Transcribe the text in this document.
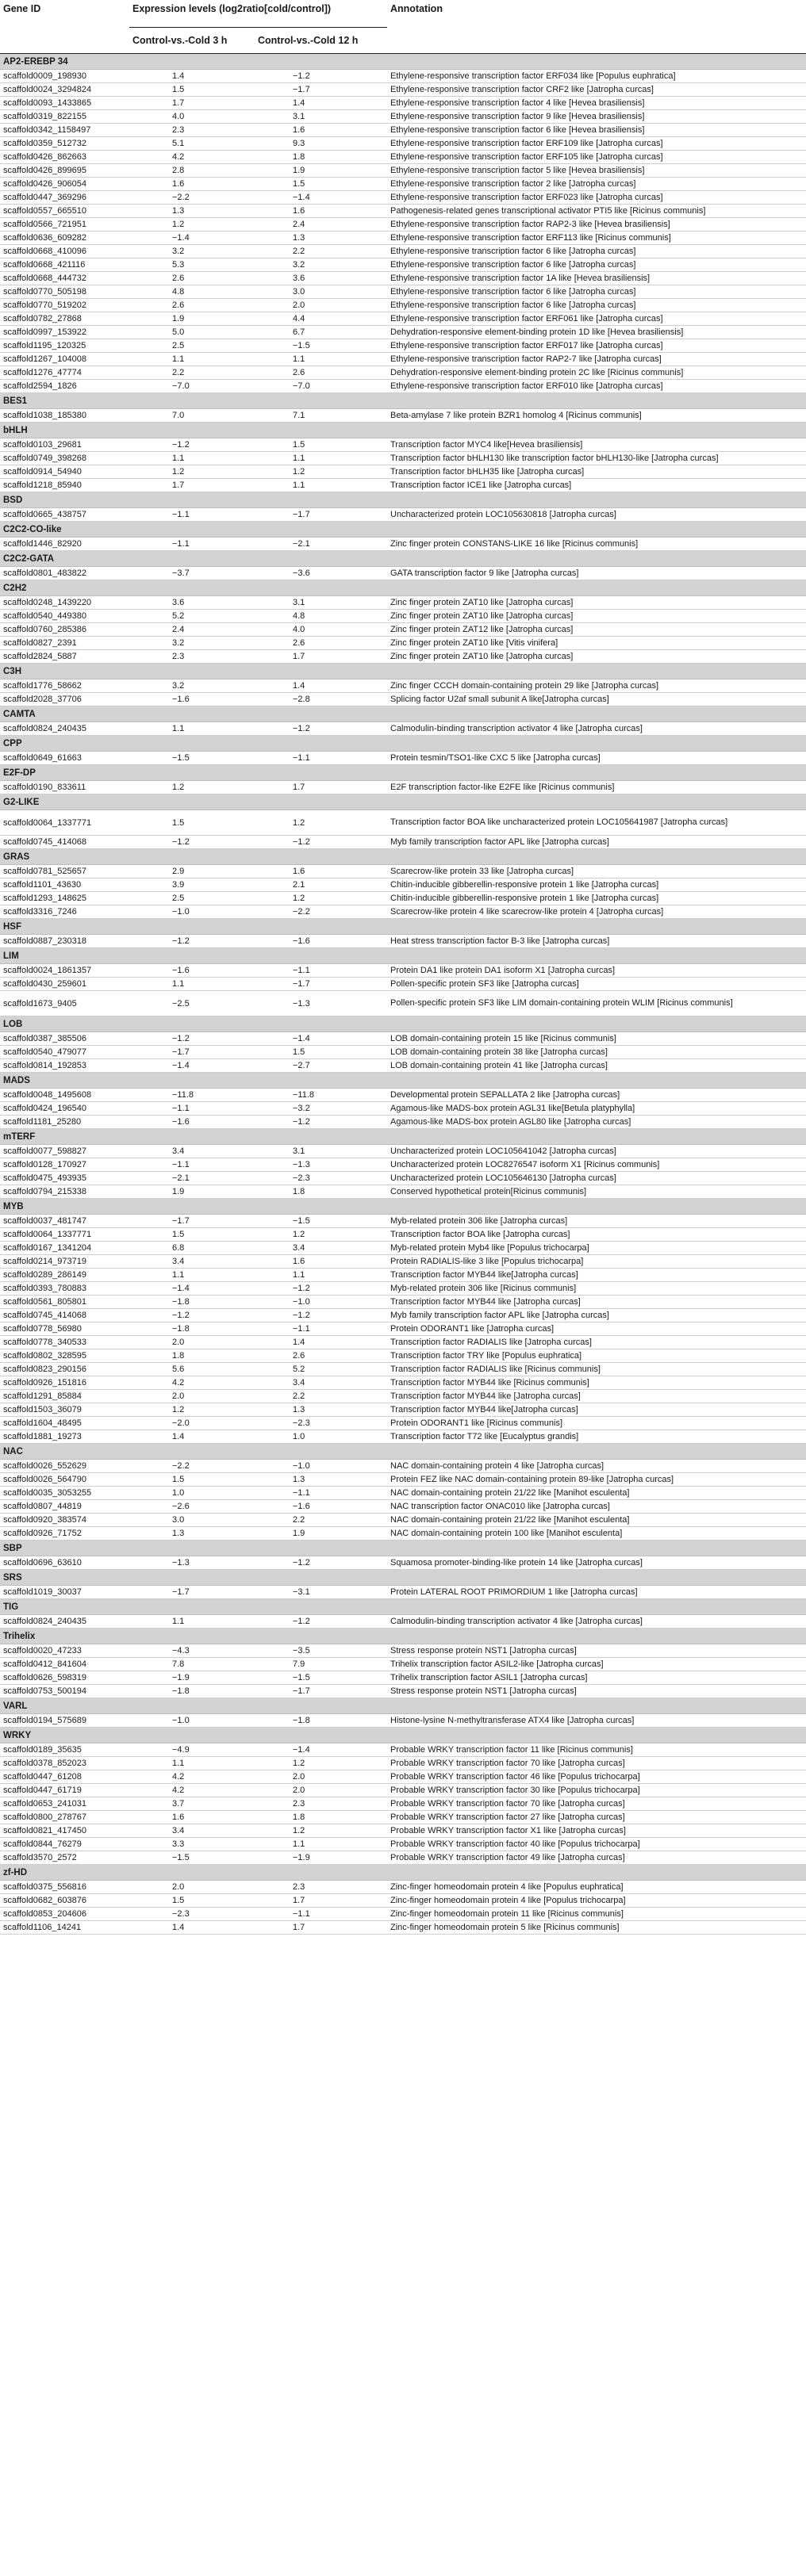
Gene ID	Expression levels (log2ratio[cold/control])		Annotation
	Control-vs.-Cold 3 h	Control-vs.-Cold 12 h	
AP2-EREBP 34			
scaffold0009_198930	1.4	−1.2	Ethylene-responsive transcription factor ERF034 like [Populus euphratica]
scaffold0024_3294824	1.5	−1.7	Ethylene-responsive transcription factor CRF2 like [Jatropha curcas]
scaffold0093_1433865	1.7	1.4	Ethylene-responsive transcription factor 4 like [Hevea brasiliensis]
scaffold0319_822155	4.0	3.1	Ethylene-responsive transcription factor 9 like [Hevea brasiliensis]
scaffold0342_1158497	2.3	1.6	Ethylene-responsive transcription factor 6 like [Hevea brasiliensis]
scaffold0359_512732	5.1	9.3	Ethylene-responsive transcription factor ERF109 like [Jatropha curcas]
scaffold0426_862663	4.2	1.8	Ethylene-responsive transcription factor ERF105 like [Jatropha curcas]
scaffold0426_899695	2.8	1.9	Ethylene-responsive transcription factor 5 like [Hevea brasiliensis]
scaffold0426_906054	1.6	1.5	Ethylene-responsive transcription factor 2 like [Jatropha curcas]
scaffold0447_369296	−2.2	−1.4	Ethylene-responsive transcription factor ERF023 like [Jatropha curcas]
scaffold0557_665510	1.3	1.6	Pathogenesis-related genes transcriptional activator PTI5 like [Ricinus communis]
scaffold0566_721951	1.2	2.4	Ethylene-responsive transcription factor RAP2-3 like [Hevea brasiliensis]
scaffold0636_609282	−1.4	1.3	Ethylene-responsive transcription factor ERF113 like [Ricinus communis]
scaffold0668_410096	3.2	2.2	Ethylene-responsive transcription factor 6 like [Jatropha curcas]
scaffold0668_421116	5.3	3.2	Ethylene-responsive transcription factor 6 like [Jatropha curcas]
scaffold0668_444732	2.6	3.6	Ethylene-responsive transcription factor 1A like [Hevea brasiliensis]
scaffold0770_505198	4.8	3.0	Ethylene-responsive transcription factor 6 like [Jatropha curcas]
scaffold0770_519202	2.6	2.0	Ethylene-responsive transcription factor 6 like [Jatropha curcas]
scaffold0782_27868	1.9	4.4	Ethylene-responsive transcription factor ERF061 like [Jatropha curcas]
scaffold0997_153922	5.0	6.7	Dehydration-responsive element-binding protein 1D like [Hevea brasiliensis]
scaffold1195_120325	2.5	−1.5	Ethylene-responsive transcription factor ERF017 like [Jatropha curcas]
scaffold1267_104008	1.1	1.1	Ethylene-responsive transcription factor RAP2-7 like [Jatropha curcas]
scaffold1276_47774	2.2	2.6	Dehydration-responsive element-binding protein 2C like [Ricinus communis]
scaffold2594_1826	−7.0	−7.0	Ethylene-responsive transcription factor ERF010 like [Jatropha curcas]
BES1			
scaffold1038_185380	7.0	7.1	Beta-amylase 7 like protein BZR1 homolog 4 [Ricinus communis]
bHLH			
scaffold0103_29681	−1.2	1.5	Transcription factor MYC4 like[Hevea brasiliensis]
scaffold0749_398268	1.1	1.1	Transcription factor bHLH130 like transcription factor bHLH130-like [Jatropha curcas]
scaffold0914_54940	1.2	1.2	Transcription factor bHLH35 like [Jatropha curcas]
scaffold1218_85940	1.7	1.1	Transcription factor ICE1 like [Jatropha curcas]
BSD			
scaffold0665_438757	−1.1	−1.7	Uncharacterized protein LOC105630818 [Jatropha curcas]
C2C2-CO-like			
scaffold1446_82920	−1.1	−2.1	Zinc finger protein CONSTANS-LIKE 16 like [Ricinus communis]
C2C2-GATA			
scaffold0801_483822	−3.7	−3.6	GATA transcription factor 9 like [Jatropha curcas]
C2H2			
scaffold0248_1439220	3.6	3.1	Zinc finger protein ZAT10 like [Jatropha curcas]
scaffold0540_449380	5.2	4.8	Zinc finger protein ZAT10 like [Jatropha curcas]
scaffold0760_285386	2.4	4.0	Zinc finger protein ZAT12 like [Jatropha curcas]
scaffold0827_2391	3.2	2.6	Zinc finger protein ZAT10 like [Vitis vinifera]
scaffold2824_5887	2.3	1.7	Zinc finger protein ZAT10 like [Jatropha curcas]
C3H			
scaffold1776_58662	3.2	1.4	Zinc finger CCCH domain-containing protein 29 like [Jatropha curcas]
scaffold2028_37706	−1.6	−2.8	Splicing factor U2af small subunit A like[Jatropha curcas]
CAMTA			
scaffold0824_240435	1.1	−1.2	Calmodulin-binding transcription activator 4 like [Jatropha curcas]
CPP			
scaffold0649_61663	−1.5	−1.1	Protein tesmin/TSO1-like CXC 5 like [Jatropha curcas]
E2F-DP			
scaffold0190_833611	1.2	1.7	E2F transcription factor-like E2FE like [Ricinus communis]
G2-LIKE			
scaffold0064_1337771	1.5	1.2	Transcription factor BOA like uncharacterized protein LOC105641987 [Jatropha curcas]
scaffold0745_414068	−1.2	−1.2	Myb family transcription factor APL like [Jatropha curcas]
GRAS			
scaffold0781_525657	2.9	1.6	Scarecrow-like protein 33 like [Jatropha curcas]
scaffold1101_43630	3.9	2.1	Chitin-inducible gibberellin-responsive protein 1 like [Jatropha curcas]
scaffold1293_148625	2.5	1.2	Chitin-inducible gibberellin-responsive protein 1 like [Jatropha curcas]
scaffold3316_7246	−1.0	−2.2	Scarecrow-like protein 4 like scarecrow-like protein 4 [Jatropha curcas]
HSF			
scaffold0887_230318	−1.2	−1.6	Heat stress transcription factor B-3 like [Jatropha curcas]
LIM			
scaffold0024_1861357	−1.6	−1.1	Protein DA1 like protein DA1 isoform X1 [Jatropha curcas]
scaffold0430_259601	1.1	−1.7	Pollen-specific protein SF3 like [Jatropha curcas]
scaffold1673_9405	−2.5	−1.3	Pollen-specific protein SF3 like LIM domain-containing protein WLIM [Ricinus communis]
LOB			
scaffold0387_385506	−1.2	−1.4	LOB domain-containing protein 15 like [Ricinus communis]
scaffold0540_479077	−1.7	1.5	LOB domain-containing protein 38 like [Jatropha curcas]
scaffold0814_192853	−1.4	−2.7	LOB domain-containing protein 41 like [Jatropha curcas]
MADS			
scaffold0048_1495608	−11.8	−11.8	Developmental protein SEPALLATA 2 like [Jatropha curcas]
scaffold0424_196540	−1.1	−3.2	Agamous-like MADS-box protein AGL31 like[Betula platyphylla]
scaffold1181_25280	−1.6	−1.2	Agamous-like MADS-box protein AGL80 like [Jatropha curcas]
mTERF			
scaffold0077_598827	3.4	3.1	Uncharacterized protein LOC105641042 [Jatropha curcas]
scaffold0128_170927	−1.1	−1.3	Uncharacterized protein LOC8276547 isoform X1 [Ricinus communis]
scaffold0475_493935	−2.1	−2.3	Uncharacterized protein LOC105646130 [Jatropha curcas]
scaffold0794_215338	1.9	1.8	Conserved hypothetical protein[Ricinus communis]
MYB			
scaffold0037_481747	−1.7	−1.5	Myb-related protein 306 like [Jatropha curcas]
scaffold0064_1337771	1.5	1.2	Transcription factor BOA like [Jatropha curcas]
scaffold0167_1341204	6.8	3.4	Myb-related protein Myb4 like [Populus trichocarpa]
scaffold0214_973719	3.4	1.6	Protein RADIALIS-like 3 like [Populus trichocarpa]
scaffold0289_286149	1.1	1.1	Transcription factor MYB44 like[Jatropha curcas]
scaffold0393_780883	−1.4	−1.2	Myb-related protein 306 like [Ricinus communis]
scaffold0561_805801	−1.8	−1.0	Transcription factor MYB44 like [Jatropha curcas]
scaffold0745_414068	−1.2	−1.2	Myb family transcription factor APL like [Jatropha curcas]
scaffold0778_56980	−1.8	−1.1	Protein ODORANT1 like [Jatropha curcas]
scaffold0778_340533	2.0	1.4	Transcription factor RADIALIS like [Jatropha curcas]
scaffold0802_328595	1.8	2.6	Transcription factor TRY like [Populus euphratica]
scaffold0823_290156	5.6	5.2	Transcription factor RADIALIS like [Ricinus communis]
scaffold0926_151816	4.2	3.4	Transcription factor MYB44 like [Ricinus communis]
scaffold1291_85884	2.0	2.2	Transcription factor MYB44 like [Jatropha curcas]
scaffold1503_36079	1.2	1.3	Transcription factor MYB44 like[Jatropha curcas]
scaffold1604_48495	−2.0	−2.3	Protein ODORANT1 like [Ricinus communis]
scaffold1881_19273	1.4	1.0	Transcription factor T72 like [Eucalyptus grandis]
NAC			
scaffold0026_552629	−2.2	−1.0	NAC domain-containing protein 4 like [Jatropha curcas]
scaffold0026_564790	1.5	1.3	Protein FEZ like NAC domain-containing protein 89-like [Jatropha curcas]
scaffold0035_3053255	1.0	−1.1	NAC domain-containing protein 21/22 like [Manihot esculenta]
scaffold0807_44819	−2.6	−1.6	NAC transcription factor ONAC010 like [Jatropha curcas]
scaffold0920_383574	3.0	2.2	NAC domain-containing protein 21/22 like [Manihot esculenta]
scaffold0926_71752	1.3	1.9	NAC domain-containing protein 100 like [Manihot esculenta]
SBP			
scaffold0696_63610	−1.3	−1.2	Squamosa promoter-binding-like protein 14 like [Jatropha curcas]
SRS			
scaffold1019_30037	−1.7	−3.1	Protein LATERAL ROOT PRIMORDIUM 1 like [Jatropha curcas]
TIG			
scaffold0824_240435	1.1	−1.2	Calmodulin-binding transcription activator 4 like [Jatropha curcas]
Trihelix			
scaffold0020_47233	−4.3	−3.5	Stress response protein NST1 [Jatropha curcas]
scaffold0412_841604	7.8	7.9	Trihelix transcription factor ASIL2-like [Jatropha curcas]
scaffold0626_598319	−1.9	−1.5	Trihelix transcription factor ASIL1 [Jatropha curcas]
scaffold0753_500194	−1.8	−1.7	Stress response protein NST1 [Jatropha curcas]
VARL			
scaffold0194_575689	−1.0	−1.8	Histone-lysine N-methyltransferase ATX4 like [Jatropha curcas]
WRKY			
scaffold0189_35635	−4.9	−1.4	Probable WRKY transcription factor 11 like [Ricinus communis]
scaffold0378_852023	1.1	1.2	Probable WRKY transcription factor 70 like [Jatropha curcas]
scaffold0447_61208	4.2	2.0	Probable WRKY transcription factor 46 like [Populus trichocarpa]
scaffold0447_61719	4.2	2.0	Probable WRKY transcription factor 30 like [Populus trichocarpa]
scaffold0653_241031	3.7	2.3	Probable WRKY transcription factor 70 like [Jatropha curcas]
scaffold0800_278767	1.6	1.8	Probable WRKY transcription factor 27 like [Jatropha curcas]
scaffold0821_417450	3.4	1.2	Probable WRKY transcription factor X1 like [Jatropha curcas]
scaffold0844_76279	3.3	1.1	Probable WRKY transcription factor 40 like [Populus trichocarpa]
scaffold3570_2572	−1.5	−1.9	Probable WRKY transcription factor 49 like [Jatropha curcas]
zf-HD			
scaffold0375_556816	2.0	2.3	Zinc-finger homeodomain protein 4 like [Populus euphratica]
scaffold0682_603876	1.5	1.7	Zinc-finger homeodomain protein 4 like [Populus trichocarpa]
scaffold0853_204606	−2.3	−1.1	Zinc-finger homeodomain protein 11 like [Ricinus communis]
scaffold1106_14241	1.4	1.7	Zinc-finger homeodomain protein 5 like [Ricinus communis]
